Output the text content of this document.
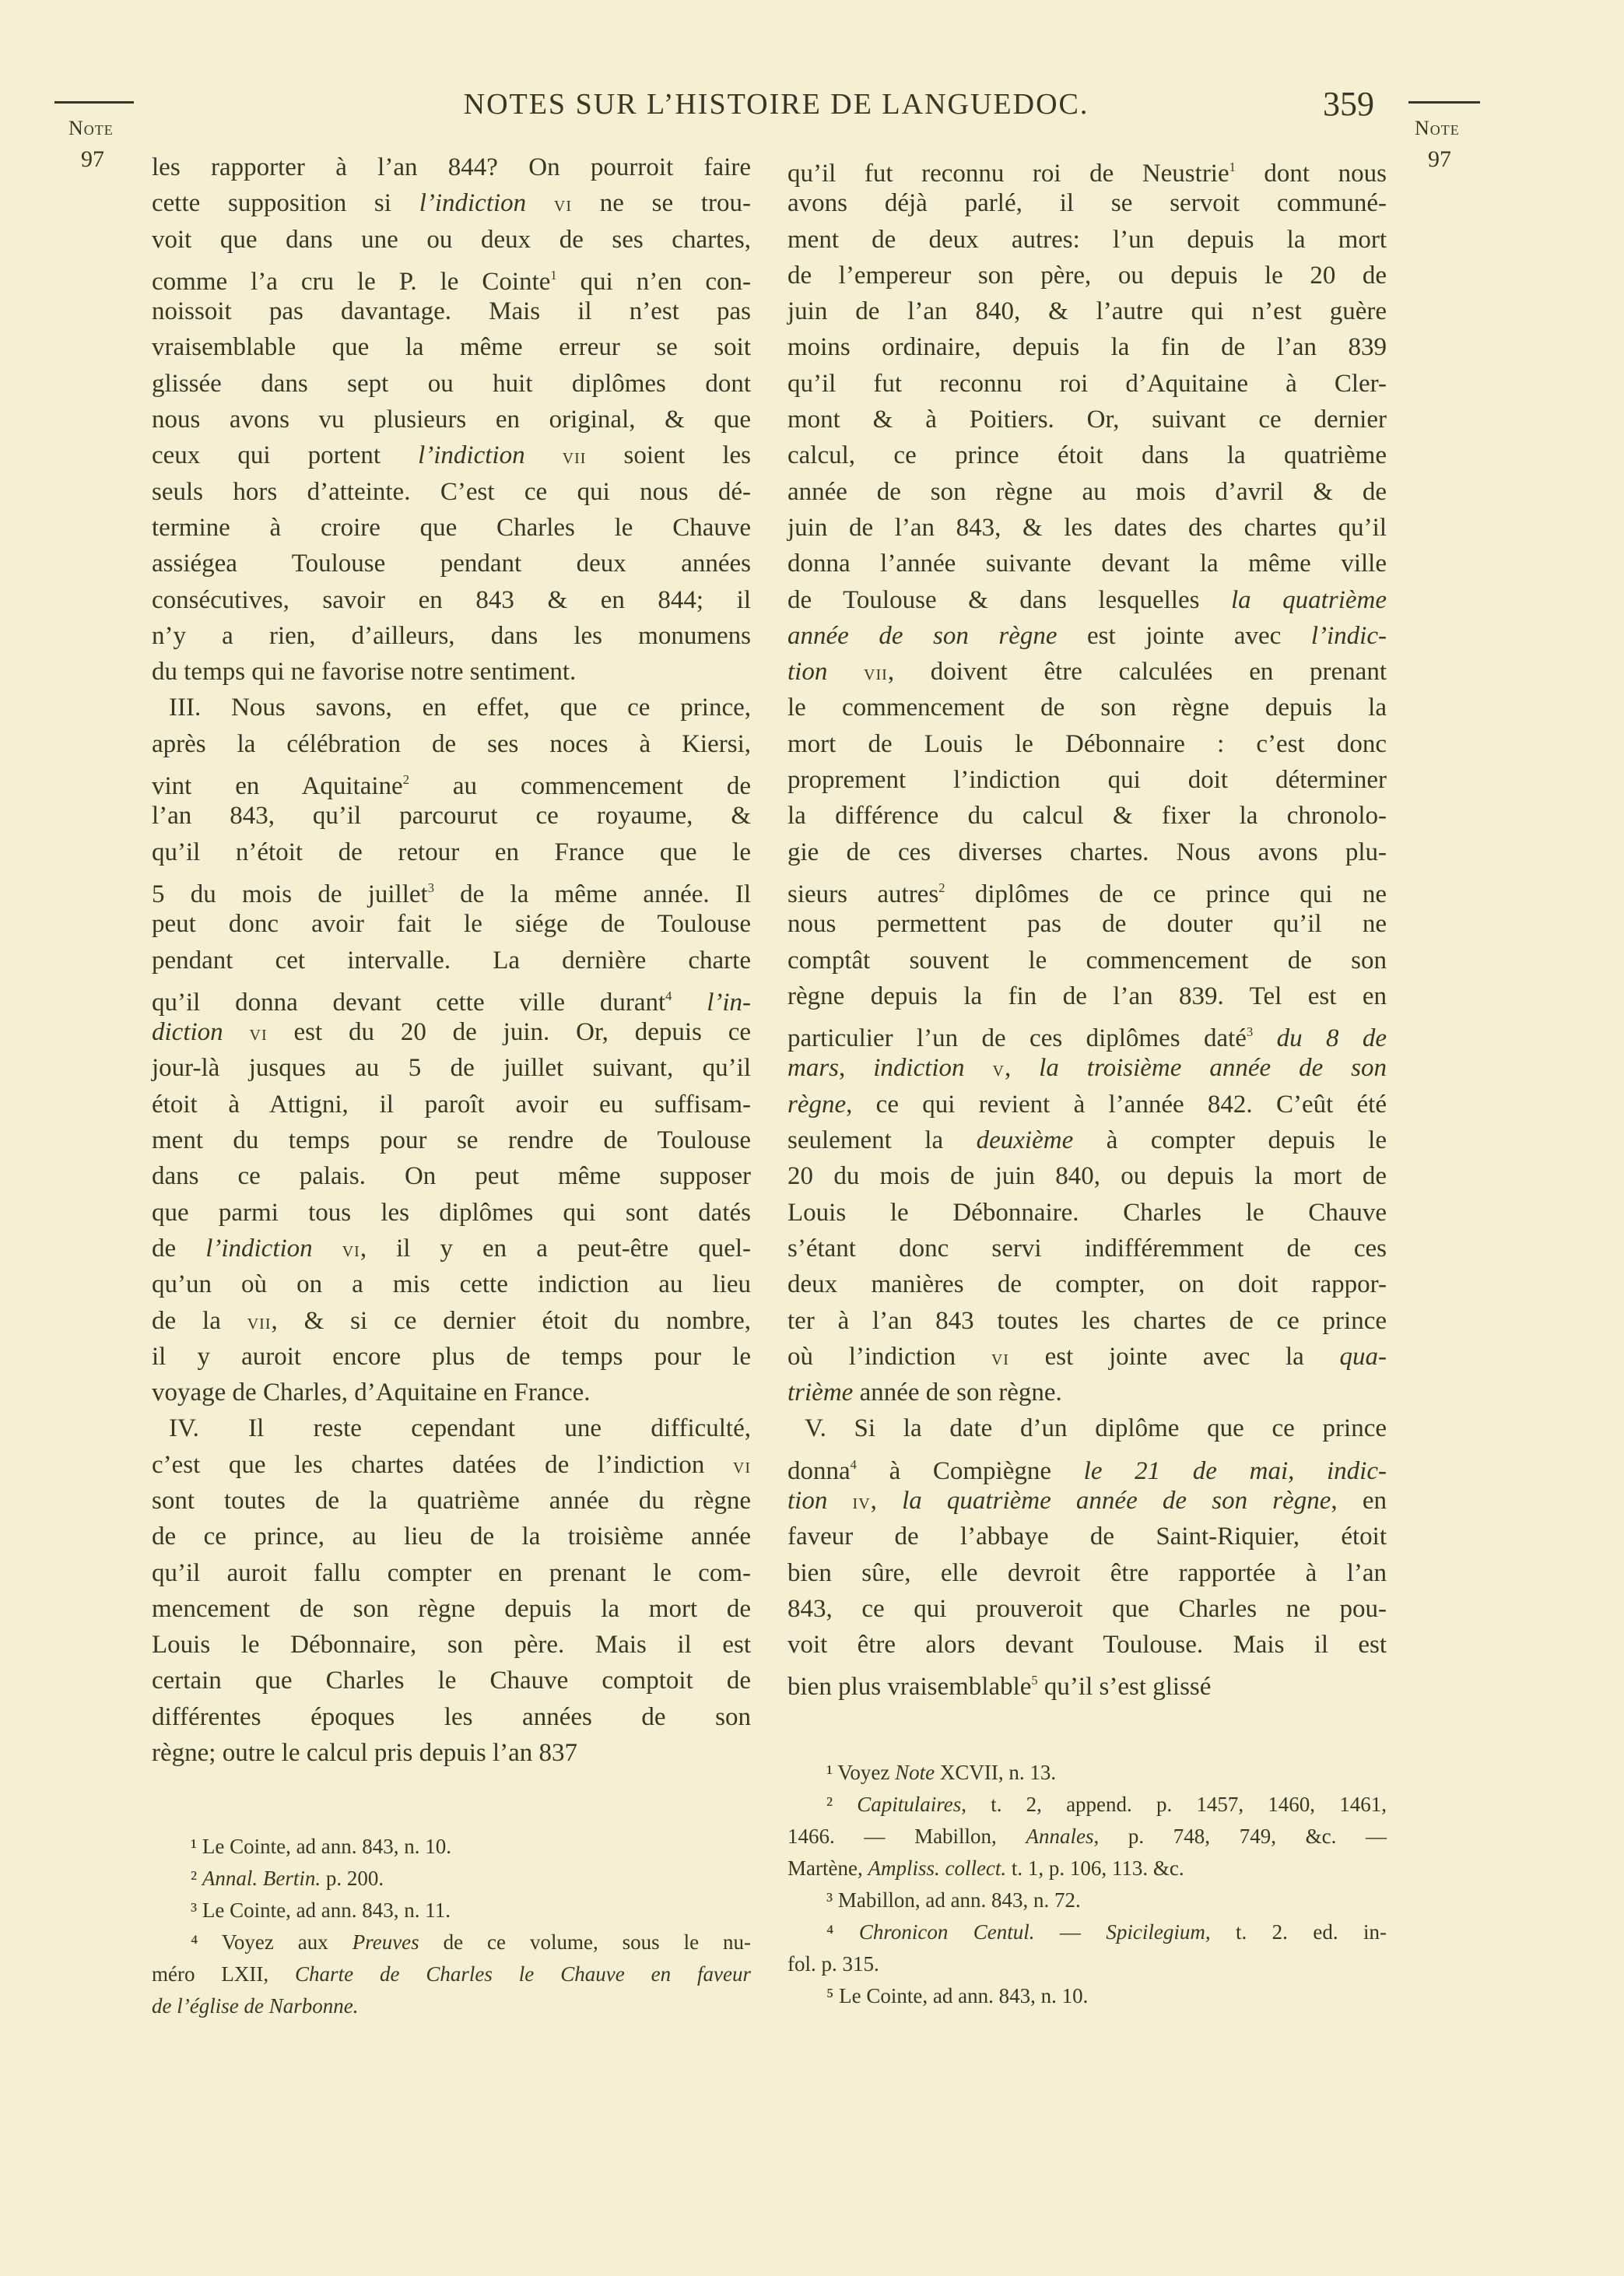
Note
97
Note
97
NOTES SUR L’HISTOIRE DE LANGUEDOC.	359
les rapporter à l’an 844? On pourroit faire
cette supposition si l’indiction vi ne se trou-
voit que dans une ou deux de ses chartes,
comme l’a cru le P. le Cointe$^1$ qui n’en con-
noissoit pas davantage. Mais il n’est pas
vraisemblable que la même erreur se soit
glissée dans sept ou huit diplômes dont
nous avons vu plusieurs en original, & que
ceux qui portent l’indiction vii soient les
seuls hors d’atteinte. C’est ce qui nous dé-
termine à croire que Charles le Chauve
assiégea Toulouse pendant deux années
consécutives, savoir en 843 & en 844; il
n’y a rien, d’ailleurs, dans les monumens
du temps qui ne favorise notre sentiment.
III. Nous savons, en effet, que ce prince,
après la célébration de ses noces à Kiersi,
vint en Aquitaine$^2$ au commencement de
l’an 843, qu’il parcourut ce royaume, &
qu’il n’étoit de retour en France que le
5 du mois de juillet$^3$ de la même année. Il
peut donc avoir fait le siége de Toulouse
pendant cet intervalle. La dernière charte
qu’il donna devant cette ville durant$^4$ l’in-
diction vi est du 20 de juin. Or, depuis ce
jour-là jusques au 5 de juillet suivant, qu’il
étoit à Attigni, il paroît avoir eu suffisam-
ment du temps pour se rendre de Toulouse
dans ce palais. On peut même supposer
que parmi tous les diplômes qui sont datés
de l’indiction vi, il y en a peut-être quel-
qu’un où on a mis cette indiction au lieu
de la vii, & si ce dernier étoit du nombre,
il y auroit encore plus de temps pour le
voyage de Charles, d’Aquitaine en France.
IV. Il reste cependant une difficulté,
c’est que les chartes datées de l’indiction vi
sont toutes de la quatrième année du règne
de ce prince, au lieu de la troisième année
qu’il auroit fallu compter en prenant le com-
mencement de son règne depuis la mort de
Louis le Débonnaire, son père. Mais il est
certain que Charles le Chauve comptoit de
différentes époques les années de son
règne; outre le calcul pris depuis l’an 837
qu’il fut reconnu roi de Neustrie$^1$ dont nous
avons déjà parlé, il se servoit communé-
ment de deux autres: l’un depuis la mort
de l’empereur son père, ou depuis le 20 de
juin de l’an 840, & l’autre qui n’est guère
moins ordinaire, depuis la fin de l’an 839
qu’il fut reconnu roi d’Aquitaine à Cler-
mont & à Poitiers. Or, suivant ce dernier
calcul, ce prince étoit dans la quatrième
année de son règne au mois d’avril & de
juin de l’an 843, & les dates des chartes qu’il
donna l’année suivante devant la même ville
de Toulouse & dans lesquelles la quatrième
année de son règne est jointe avec l’indic-
tion vii, doivent être calculées en prenant
le commencement de son règne depuis la
mort de Louis le Débonnaire : c’est donc
proprement l’indiction qui doit déterminer
la différence du calcul & fixer la chronolo-
gie de ces diverses chartes. Nous avons plu-
sieurs autres$^2$ diplômes de ce prince qui ne
nous permettent pas de douter qu’il ne
comptât souvent le commencement de son
règne depuis la fin de l’an 839. Tel est en
particulier l’un de ces diplômes daté$^3$ du 8 de
mars, indiction v, la troisième année de son
règne, ce qui revient à l’année 842. C’eût été
seulement la deuxième à compter depuis le
20 du mois de juin 840, ou depuis la mort de
Louis le Débonnaire. Charles le Chauve
s’étant donc servi indifféremment de ces
deux manières de compter, on doit rappor-
ter à l’an 843 toutes les chartes de ce prince
où l’indiction vi est jointe avec la qua-
trième année de son règne.
V. Si la date d’un diplôme que ce prince
donna$^4$ à Compiègne le 21 de mai, indic-
tion iv, la quatrième année de son règne, en
faveur de l’abbaye de Saint-Riquier, étoit
bien sûre, elle devroit être rapportée à l’an
843, ce qui prouveroit que Charles ne pou-
voit être alors devant Toulouse. Mais il est
bien plus vraisemblable$^5$ qu’il s’est glissé
¹ Le Cointe, ad ann. 843, n. 10.
² Annal. Bertin. p. 200.
³ Le Cointe, ad ann. 843, n. 11.
⁴ Voyez aux Preuves de ce volume, sous le nu-
méro LXII, Charte de Charles le Chauve en faveur
de l’église de Narbonne.
¹ Voyez Note XCVII, n. 13.
² Capitulaires, t. 2, append. p. 1457, 1460, 1461,
1466. — Mabillon, Annales, p. 748, 749, &c. —
Martène, Ampliss. collect. t. 1, p. 106, 113. &c.
³ Mabillon, ad ann. 843, n. 72.
⁴ Chronicon Centul. — Spicilegium, t. 2. ed. in-
fol. p. 315.
⁵ Le Cointe, ad ann. 843, n. 10.
